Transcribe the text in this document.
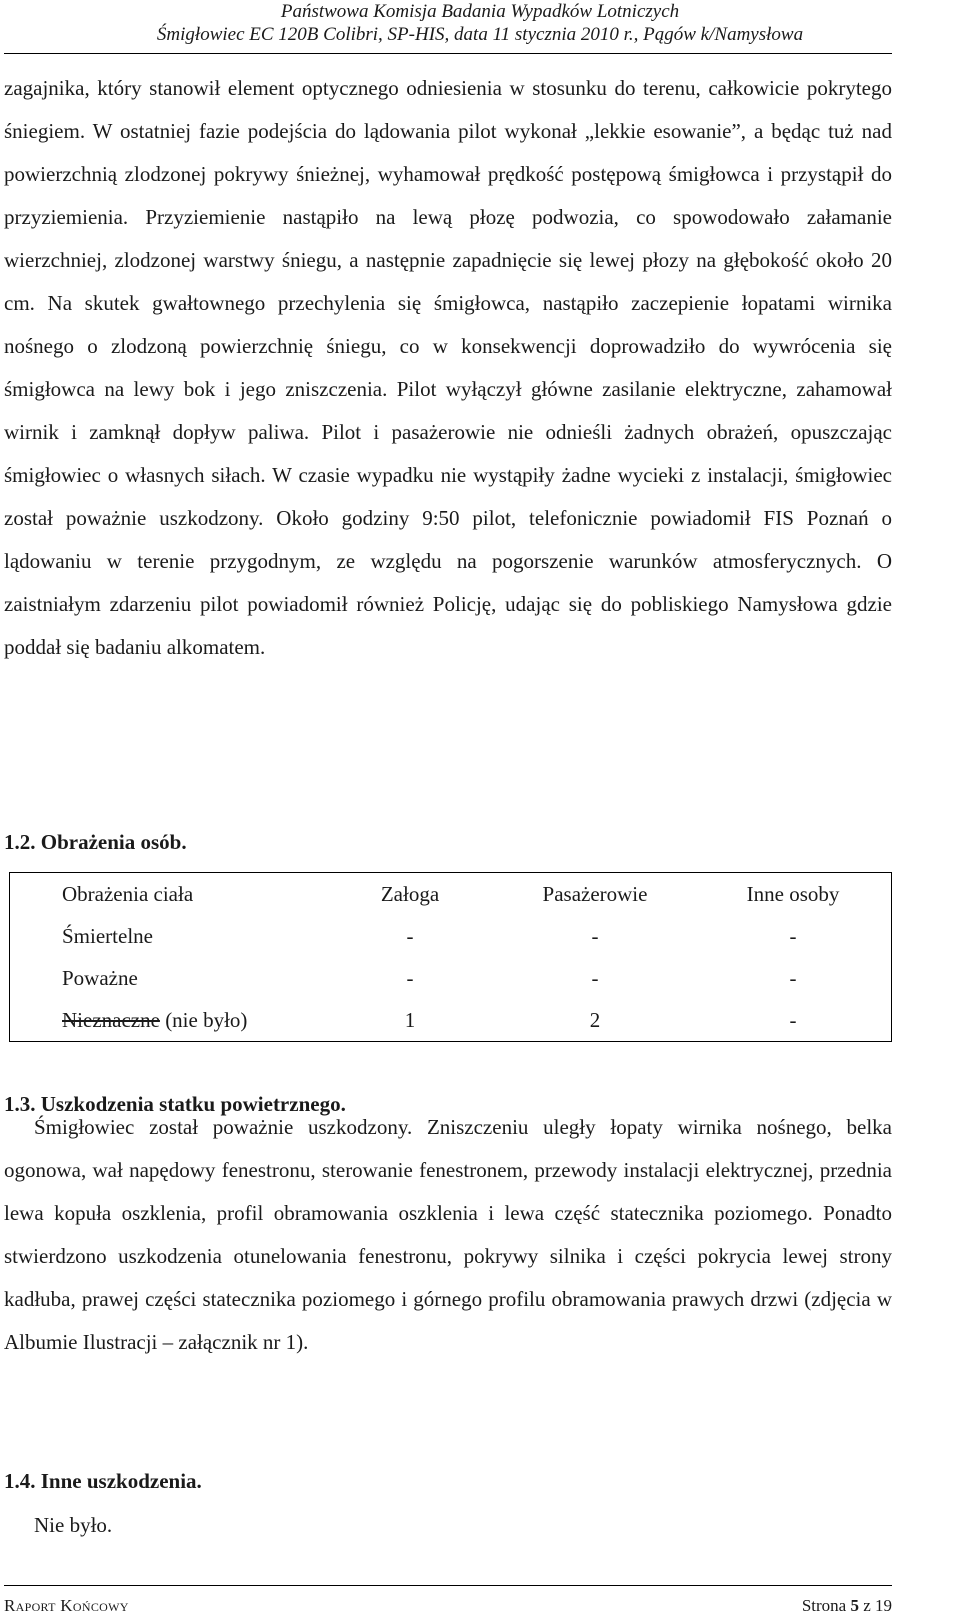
Państwowa Komisja Badania Wypadków Lotniczych
Śmigłowiec EC 120B Colibri, SP-HIS, data 11 stycznia 2010 r., Pągów k/Namysłowa

zagajnika, który stanowił element optycznego odniesienia w stosunku do terenu, całkowicie pokrytego śniegiem. W ostatniej fazie podejścia do lądowania pilot wykonał „lekkie esowanie”, a będąc tuż nad powierzchnią zlodzonej pokrywy śnieżnej, wyhamował prędkość postępową śmigłowca i przystąpił do przyziemienia. Przyziemienie nastąpiło na lewą płozę podwozia, co spowodowało załamanie wierzchniej, zlodzonej warstwy śniegu, a następnie zapadnięcie się lewej płozy na głębokość około 20 cm. Na skutek gwałtownego przechylenia się śmigłowca, nastąpiło zaczepienie łopatami wirnika nośnego o zlodzoną powierzchnię śniegu, co w konsekwencji doprowadziło do wywrócenia się śmigłowca na lewy bok i jego zniszczenia. Pilot wyłączył główne zasilanie elektryczne, zahamował wirnik i zamknął dopływ paliwa. Pilot i pasażerowie nie odnieśli żadnych obrażeń, opuszczając śmigłowiec o własnych siłach. W czasie wypadku nie wystąpiły żadne wycieki z instalacji, śmigłowiec został poważnie uszkodzony. Około godziny 9:50 pilot, telefonicznie powiadomił FIS Poznań o lądowaniu w terenie przygodnym, ze względu na pogorszenie warunków atmosferycznych. O zaistniałym zdarzeniu pilot powiadomił również Policję, udając się do pobliskiego Namysłowa gdzie poddał się badaniu alkomatem.

1.2. Obrażenia osób.
Obrażenia ciała	Załoga	Pasażerowie	Inne osoby
Śmiertelne	-	-	-
Poważne	-	-	-
Nieznaczne (nie było)	1	2	-
1.3. Uszkodzenia statku powietrznego.

Śmigłowiec został poważnie uszkodzony. Zniszczeniu uległy łopaty wirnika nośnego, belka ogonowa, wał napędowy fenestronu, sterowanie fenestronem, przewody instalacji elektrycznej, przednia lewa kopuła oszklenia, profil obramowania oszklenia i lewa część statecznika poziomego. Ponadto stwierdzono uszkodzenia otunelowania fenestronu, pokrywy silnika i części pokrycia lewej strony kadłuba, prawej części statecznika poziomego i górnego profilu obramowania prawych drzwi (zdjęcia w Albumie Ilustracji – załącznik nr 1).

1.4. Inne uszkodzenia.

Nie było.

Raport Końcowy	Strona 5 z 19
